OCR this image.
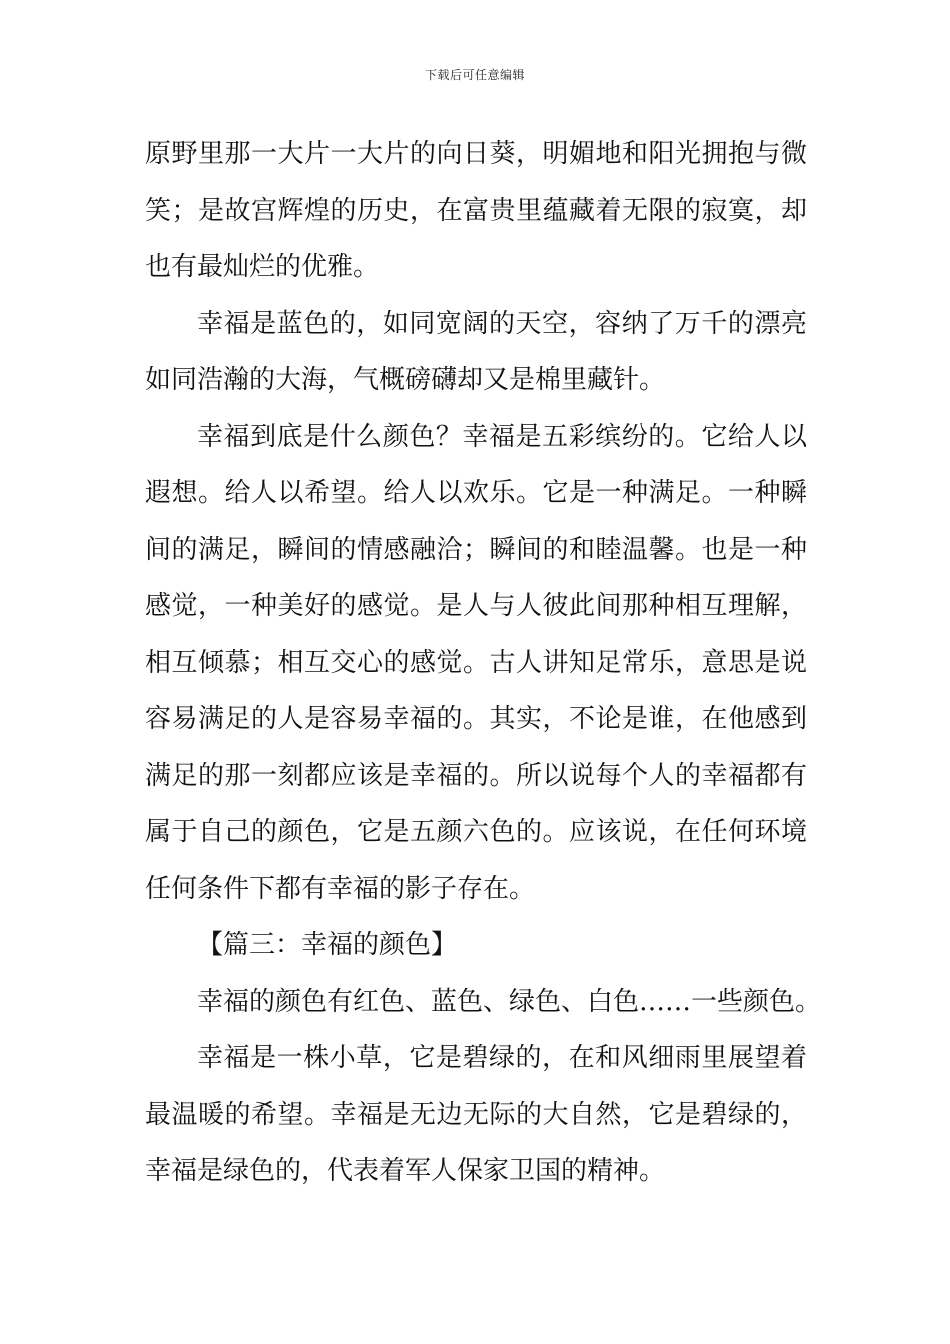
下载后可任意编辑
原野里那一大片一大片的向日葵，明媚地和阳光拥抱与微
笑；是故宫辉煌的历史，在富贵里蕴藏着无限的寂寞，却
也有最灿烂的优雅。
幸福是蓝色的，如同宽阔的天空，容纳了万千的漂亮
如同浩瀚的大海，气概磅礴却又是棉里藏针。
幸福到底是什么颜色？幸福是五彩缤纷的。它给人以
遐想。给人以希望。给人以欢乐。它是一种满足。一种瞬
间的满足，瞬间的情感融洽；瞬间的和睦温馨。也是一种
感觉，一种美好的感觉。是人与人彼此间那种相互理解，
相互倾慕；相互交心的感觉。古人讲知足常乐，意思是说
容易满足的人是容易幸福的。其实，不论是谁，在他感到
满足的那一刻都应该是幸福的。所以说每个人的幸福都有
属于自己的颜色，它是五颜六色的。应该说，在任何环境
任何条件下都有幸福的影子存在。
【篇三：幸福的颜色】
幸福的颜色有红色、蓝色、绿色、白色……一些颜色。
幸福是一株小草，它是碧绿的，在和风细雨里展望着
最温暖的希望。幸福是无边无际的大自然，它是碧绿的，
幸福是绿色的，代表着军人保家卫国的精神。
